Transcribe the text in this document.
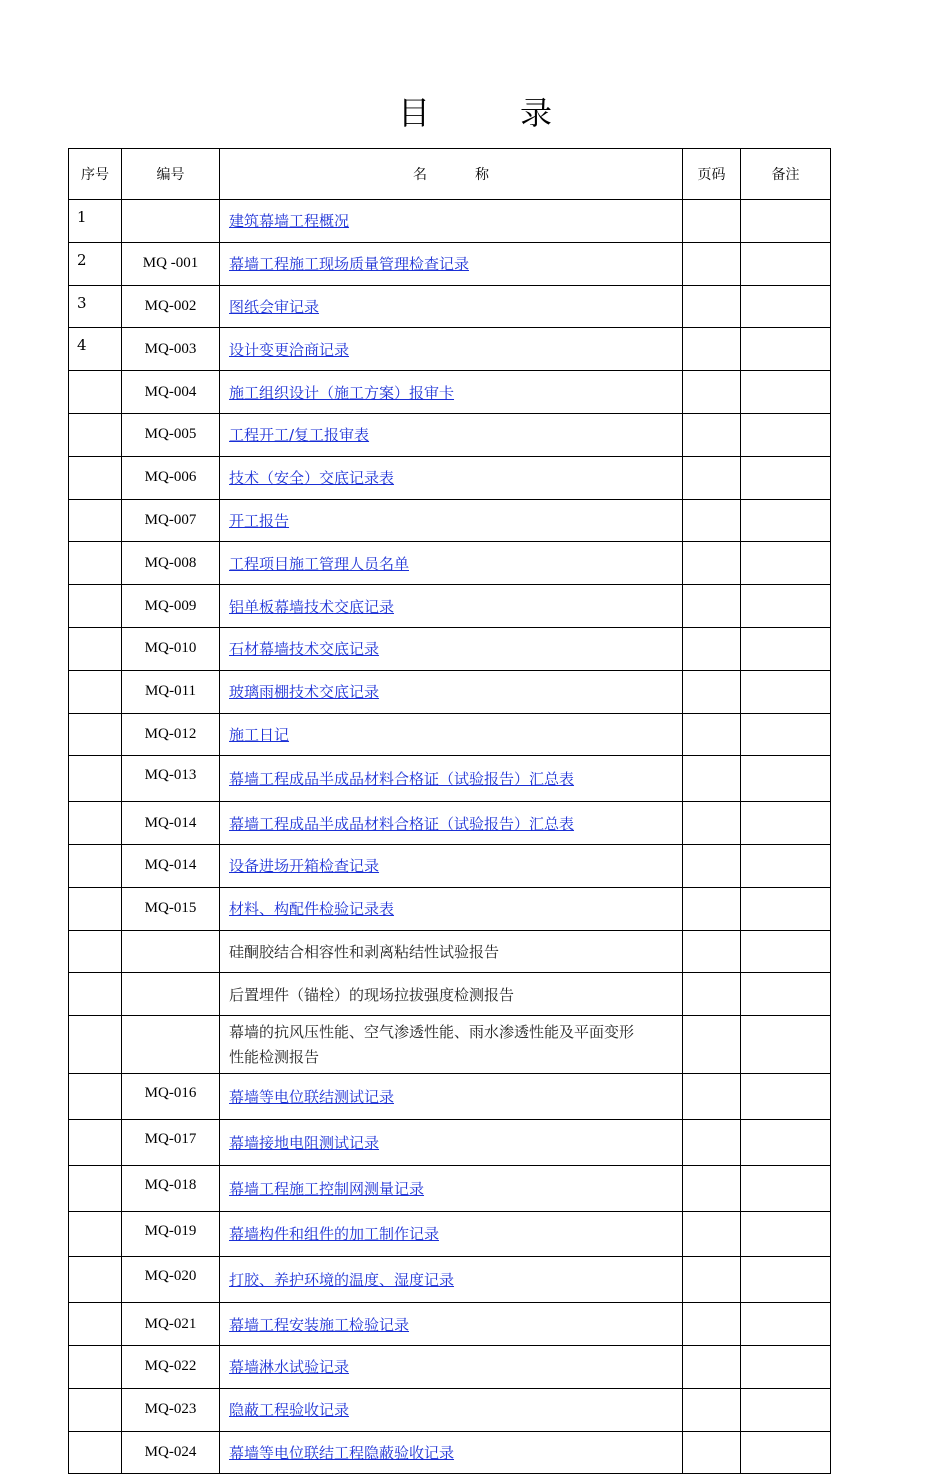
目	录
序号	编号	名 称	页码	备注
1		建筑幕墙工程概况		
2	MQ -001	幕墙工程施工现场质量管理检查记录		
3	MQ-002	图纸会审记录		
4	MQ-003	设计变更洽商记录		
	MQ-004	施工组织设计（施工方案）报审卡		
	MQ-005	工程开工/复工报审表		
	MQ-006	技术（安全）交底记录表		
	MQ-007	开工报告		
	MQ-008	工程项目施工管理人员名单		
	MQ-009	铝单板幕墙技术交底记录		
	MQ-010	石材幕墙技术交底记录		
	MQ-011	玻璃雨棚技术交底记录		
	MQ-012	施工日记		
	MQ-013	幕墙工程成品半成品材料合格证（试验报告）汇总表		
	MQ-014	幕墙工程成品半成品材料合格证（试验报告）汇总表		
	MQ-014	设备进场开箱检查记录		
	MQ-015	材料、构配件检验记录表		
		硅酮胶结合相容性和剥离粘结性试验报告		
		后置埋件（锚栓）的现场拉拔强度检测报告		
		幕墙的抗风压性能、空气渗透性能、雨水渗透性能及平面变形
性能检测报告		
	MQ-016	幕墙等电位联结测试记录		
	MQ-017	幕墙接地电阻测试记录		
	MQ-018	幕墙工程施工控制网测量记录		
	MQ-019	幕墙构件和组件的加工制作记录		
	MQ-020	打胶、养护环境的温度、湿度记录		
	MQ-021	幕墙工程安装施工检验记录		
	MQ-022	幕墙淋水试验记录		
	MQ-023	隐蔽工程验收记录		
	MQ-024	幕墙等电位联结工程隐蔽验收记录		
